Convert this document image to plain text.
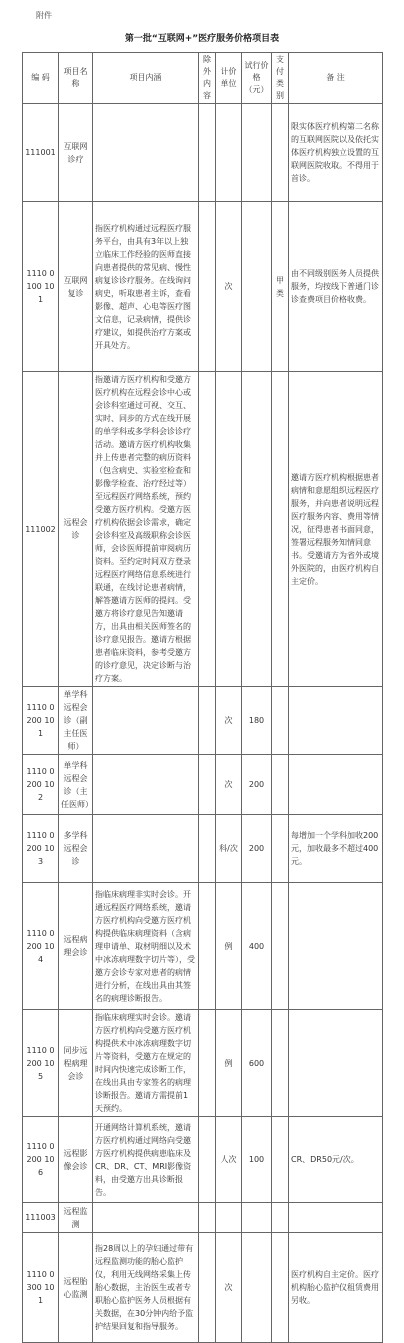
附件
第一批“互联网+”医疗服务价格项目表
编 码	项目名称	项目内涵	除外内容	计价单位	试行价格（元）	支付类别	备 注
111001	互联网诊疗						限实体医疗机构第二名称的互联网医院以及依托实体医疗机构独立设置的互联网医院收取。不得用于首诊。
1110 0100 101	互联网复诊	指医疗机构通过远程医疗服务平台，由具有3年以上独立临床工作经验的医师直接向患者提供的常见病、慢性病复诊诊疗服务。在线询问病史，听取患者主诉，查看影像、超声、心电等医疗图文信息，记录病情，提供诊疗建议，如提供治疗方案或开具处方。		次		甲类	由不同级别医务人员提供服务，均按线下普通门诊诊查费项目价格收费。
111002	远程会诊	指邀请方医疗机构和受邀方医疗机构在远程会诊中心或会诊科室通过可视、交互、实时、同步的方式在线开展的单学科或多学科会诊诊疗活动。邀请方医疗机构收集并上传患者完整的病历资料（包含病史、实验室检查和影像学检查、治疗经过等）至远程医疗网络系统，预约受邀方医疗机构。受邀方医疗机构依据会诊需求，确定会诊科室及高级职称会诊医师，会诊医师提前审阅病历资料。至约定时间双方登录远程医疗网络信息系统进行联通，在线讨论患者病情，解答邀请方医师的提问。受邀方将诊疗意见告知邀请方，出具由相关医师签名的诊疗意见报告。邀请方根据患者临床资料，参考受邀方的诊疗意见，决定诊断与治疗方案。					邀请方医疗机构根据患者病情和意愿组织远程医疗服务，并向患者说明远程医疗服务内容、费用等情况，征得患者书面同意，签署远程服务知情同意书。受邀请方为省外或境外医院的，由医疗机构自主定价。
1110 0200 101	单学科远程会诊（副主任医师）			次	180		
1110 0200 102	单学科远程会诊（主任医师）			次	200		
1110 0200 103	多学科远程会诊			科/次	200		每增加一个学科加收200元，加收最多不超过400元。
1110 0200 104	远程病理会诊	指临床病理非实时会诊。开通远程医疗网络系统，邀请方医疗机构向受邀方医疗机构提供临床病理资料（含病理申请单、取材明细以及术中冰冻病理数字切片等），受邀方会诊专家对患者的病情进行分析，在线出具由其签名的病理诊断报告。		例	400		
1110 0200 105	同步远程病理会诊	指临床病理实时会诊。邀请方医疗机构向受邀方医疗机构提供术中冰冻病理数字切片等资料，受邀方在规定的时间内快速完成诊断工作，在线出具由专家签名的病理诊断报告。邀请方需提前1天预约。		例	600		
1110 0200 106	远程影像会诊	开通网络计算机系统，邀请方医疗机构通过网络向受邀方医疗机构提供病患临床及CR、DR、CT、MRI影像资料，由受邀方出具诊断报告。		人次	100		CR、DR50元/次。
111003	远程监测						
1110 0300 101	远程胎心监测	指28周以上的孕妇通过带有远程监测功能的胎心监护仪，利用无线网络采集上传胎心数据，主治医生或者专职胎心监护医务人员根据有关数据，在30分钟内给予监护结果回复和指导服务。		次			医疗机构自主定价。医疗机构胎心监护仪租赁费用另收。
